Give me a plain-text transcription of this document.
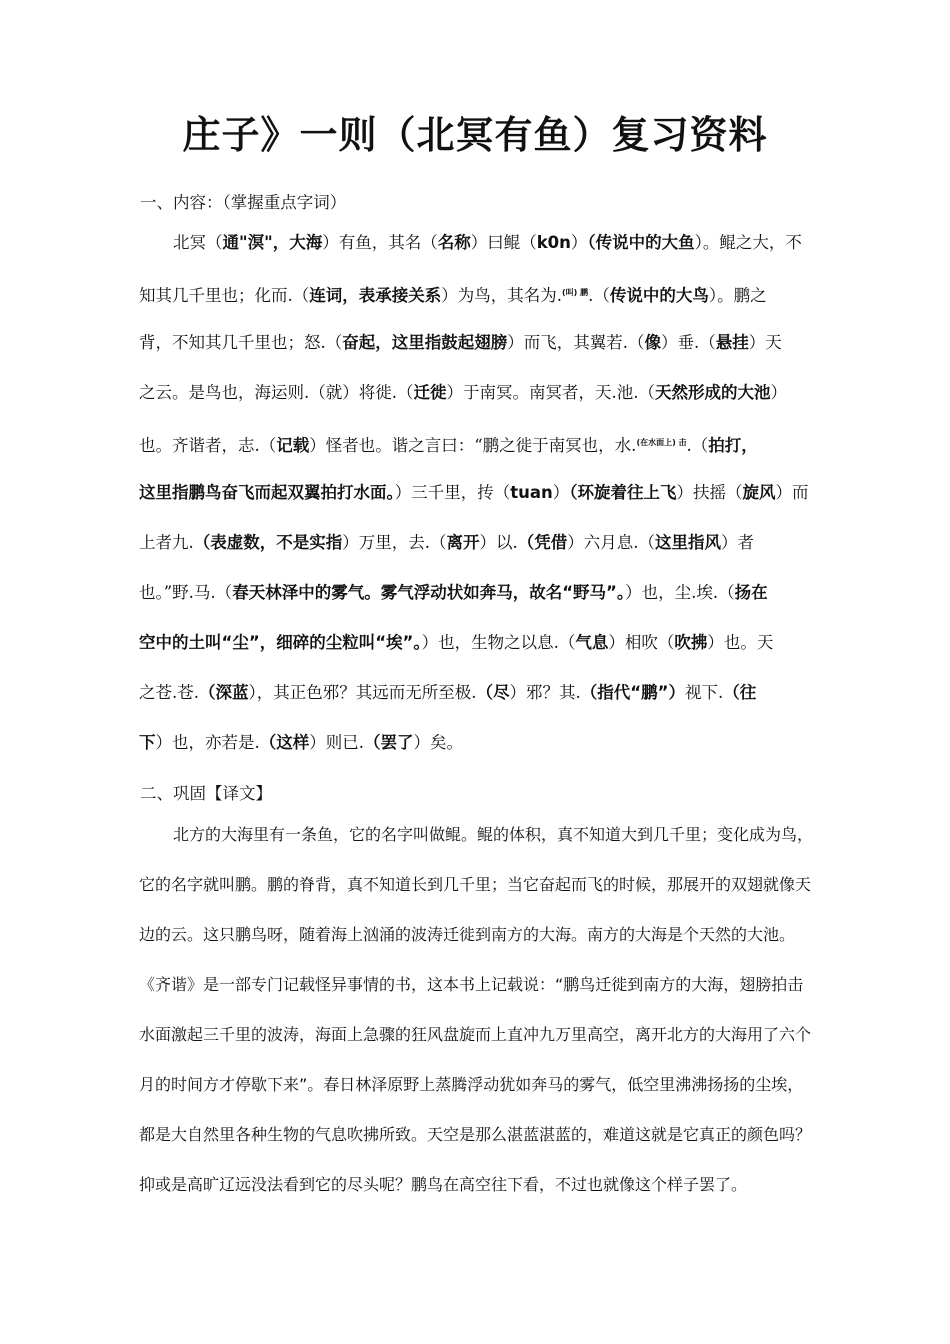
庄子》一则（北冥有鱼）复习资料
一、内容：（掌握重点字词）
北冥（通"溟"，大海）有鱼，其名（名称）曰鲲（k0n）（传说中的大鱼）。鲲之大，不
知其几千里也；化而.（连词，表承接关系）为鸟，其名为.$^{(叫) 鹏}$.（传说中的大鸟）。鹏之
背，不知其几千里也；怒.（奋起，这里指鼓起翅膀）而飞，其翼若.（像）垂.（悬挂）天
之云。是鸟也，海运则.（就）将徙.（迁徙）于南冥。南冥者，天.池.（天然形成的大池）
也。齐谐者，志.（记载）怪者也。谐之言曰：“鹏之徙于南冥也，水.$^{(在水面上) 击}$.（拍打，
这里指鹏鸟奋飞而起双翼拍打水面。）三千里，抟（tuan）（环旋着往上飞）扶摇（旋风）而
上者九.（表虚数，不是实指）万里，去.（离开）以.（凭借）六月息.（这里指风）者
也。”野.马.（春天林泽中的雾气。雾气浮动状如奔马，故名“野马”。）也，尘.埃.（扬在
空中的土叫“尘”，细碎的尘粒叫“埃”。）也，生物之以息.（气息）相吹（吹拂）也。天
之苍.苍.（深蓝），其正色邪？其远而无所至极.（尽）邪？其.（指代“鹏”）视下.（往
下）也，亦若是.（这样）则已.（罢了）矣。
二、巩固【译文】
北方的大海里有一条鱼，它的名字叫做鲲。鲲的体积，真不知道大到几千里；变化成为鸟，
它的名字就叫鹏。鹏的脊背，真不知道长到几千里；当它奋起而飞的时候，那展开的双翅就像天
边的云。这只鹏鸟呀，随着海上汹涌的波涛迁徙到南方的大海。南方的大海是个天然的大池。
《齐谐》是一部专门记载怪异事情的书，这本书上记载说：“鹏鸟迁徙到南方的大海，翅膀拍击
水面激起三千里的波涛，海面上急骤的狂风盘旋而上直冲九万里高空，离开北方的大海用了六个
月的时间方才停歇下来”。春日林泽原野上蒸腾浮动犹如奔马的雾气，低空里沸沸扬扬的尘埃，
都是大自然里各种生物的气息吹拂所致。天空是那么湛蓝湛蓝的，难道这就是它真正的颜色吗？
抑或是高旷辽远没法看到它的尽头呢？鹏鸟在高空往下看，不过也就像这个样子罢了。
